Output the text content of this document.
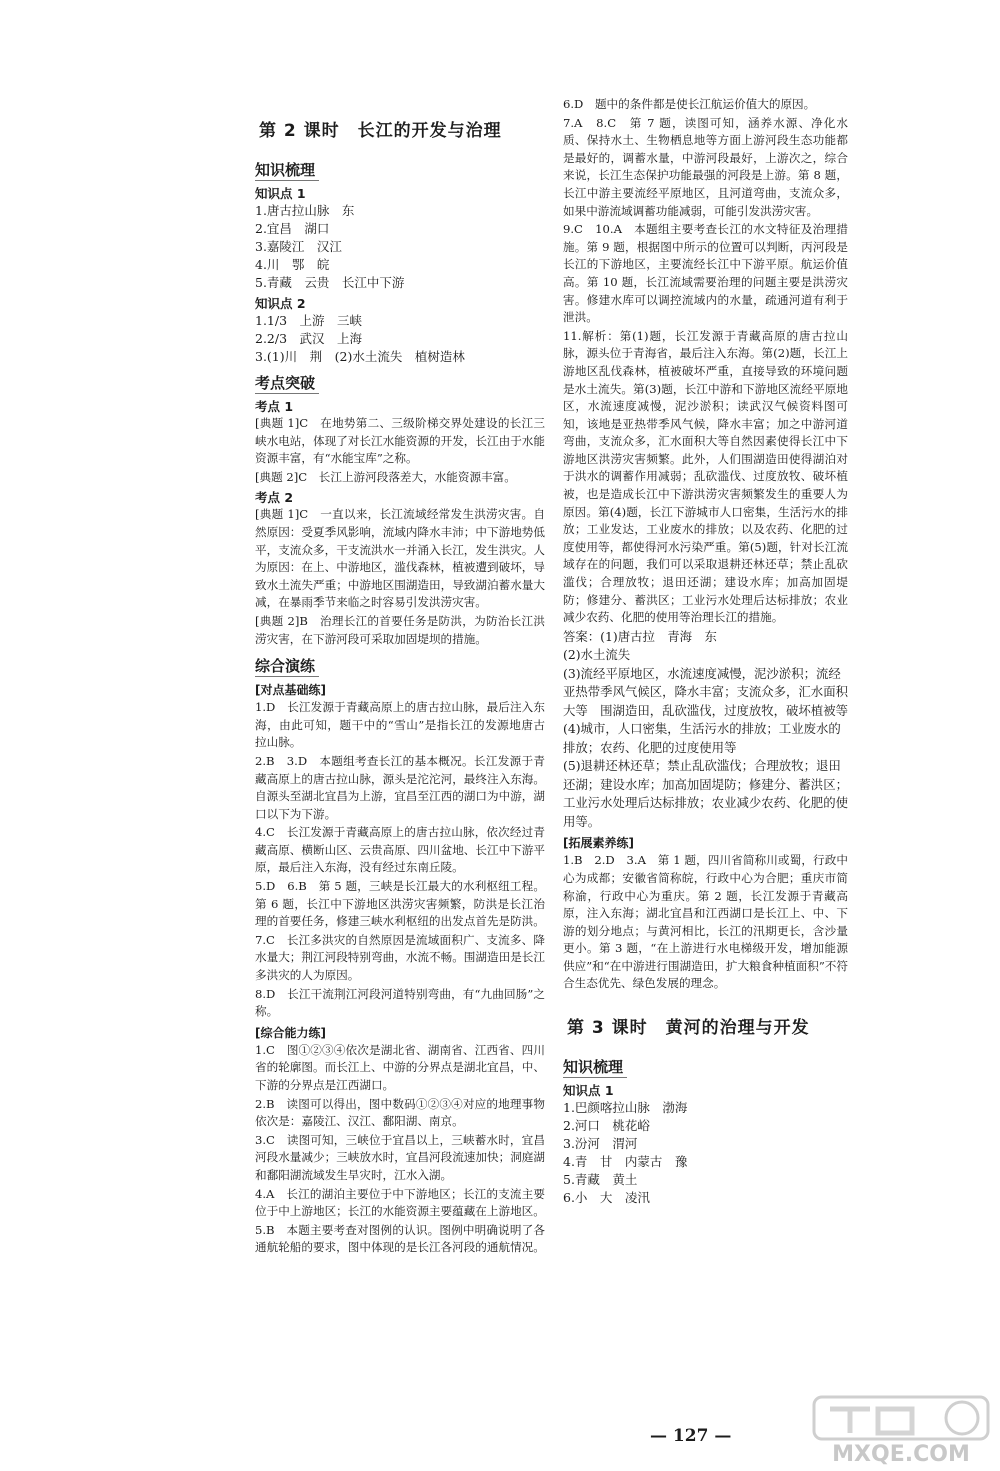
第 2 课时　长江的开发与治理
知识梳理
知识点 1

1.唐古拉山脉　东

2.宜昌　湖口

3.嘉陵江　汉江

4.川　鄂　皖

5.青藏　云贵　长江中下游

知识点 2

1.1/3　上游　三峡

2.2/3　武汉　上海

3.(1)川　荆　(2)水土流失　植树造林

考点突破
考点 1

[典题 1]C　在地势第二、三级阶梯交界处建设的长江三峡水电站，体现了对长江水能资源的开发，长江由于水能资源丰富，有“水能宝库”之称。

[典题 2]C　长江上游河段落差大，水能资源丰富。

考点 2

[典题 1]C　一直以来，长江流域经常发生洪涝灾害。自然原因：受夏季风影响，流域内降水丰沛；中下游地势低平，支流众多，干支流洪水一并涌入长江，发生洪灾。人为原因：在上、中游地区，滥伐森林，植被遭到破坏，导致水土流失严重；中游地区围湖造田，导致湖泊蓄水量大减，在暴雨季节来临之时容易引发洪涝灾害。

[典题 2]B　治理长江的首要任务是防洪，为防治长江洪涝灾害，在下游河段可采取加固堤坝的措施。

综合演练
[对点基础练]

1.D　长江发源于青藏高原上的唐古拉山脉，最后注入东海，由此可知，题干中的“雪山”是指长江的发源地唐古拉山脉。

2.B　3.D　本题组考查长江的基本概况。长江发源于青藏高原上的唐古拉山脉，源头是沱沱河，最终注入东海。自源头至湖北宜昌为上游，宜昌至江西的湖口为中游，湖口以下为下游。

4.C　长江发源于青藏高原上的唐古拉山脉，依次经过青藏高原、横断山区、云贵高原、四川盆地、长江中下游平原，最后注入东海，没有经过东南丘陵。

5.D　6.B　第 5 题，三峡是长江最大的水利枢纽工程。第 6 题，长江中下游地区洪涝灾害频繁，防洪是长江治理的首要任务，修建三峡水利枢纽的出发点首先是防洪。

7.C　长江多洪灾的自然原因是流域面积广、支流多、降水量大；荆江河段特别弯曲，水流不畅。围湖造田是长江多洪灾的人为原因。

8.D　长江干流荆江河段河道特别弯曲，有“九曲回肠”之称。

[综合能力练]

1.C　图①②③④依次是湖北省、湖南省、江西省、四川省的轮廓图。而长江上、中游的分界点是湖北宜昌，中、下游的分界点是江西湖口。

2.B　读图可以得出，图中数码①②③④对应的地理事物依次是：嘉陵江、汉江、鄱阳湖、南京。

3.C　读图可知，三峡位于宜昌以上，三峡蓄水时，宜昌河段水量减少；三峡放水时，宜昌河段流速加快；洞庭湖和鄱阳湖流域发生旱灾时，江水入湖。

4.A　长江的湖泊主要位于中下游地区；长江的支流主要位于中上游地区；长江的水能资源主要蕴藏在上游地区。

5.B　本题主要考查对图例的认识。图例中明确说明了各通航轮船的要求，图中体现的是长江各河段的通航情况。

6.D　题中的条件都是使长江航运价值大的原因。

7.A　8.C　第 7 题，读图可知，涵养水源、净化水质、保持水土、生物栖息地等方面上游河段生态功能都是最好的，调蓄水量，中游河段最好，上游次之，综合来说，长江生态保护功能最强的河段是上游。第 8 题，长江中游主要流经平原地区，且河道弯曲，支流众多，如果中游流域调蓄功能减弱，可能引发洪涝灾害。

9.C　10.A　本题组主要考查长江的水文特征及治理措施。第 9 题，根据图中所示的位置可以判断，丙河段是长江的下游地区，主要流经长江中下游平原。航运价值高。第 10 题，长江流域需要治理的问题主要是洪涝灾害。修建水库可以调控流域内的水量，疏通河道有利于泄洪。

11.解析：第(1)题，长江发源于青藏高原的唐古拉山脉，源头位于青海省，最后注入东海。第(2)题，长江上游地区乱伐森林，植被破坏严重，直接导致的环境问题是水土流失。第(3)题，长江中游和下游地区流经平原地区，水流速度减慢，泥沙淤积；读武汉气候资料图可知，该地是亚热带季风气候，降水丰富；加之中游河道弯曲，支流众多，汇水面积大等自然因素使得长江中下游地区洪涝灾害频繁。此外，人们围湖造田使得湖泊对于洪水的调蓄作用减弱；乱砍滥伐、过度放牧、破坏植被，也是造成长江中下游洪涝灾害频繁发生的重要人为原因。第(4)题，长江下游城市人口密集，生活污水的排放；工业发达，工业废水的排放；以及农药、化肥的过度使用等，都使得河水污染严重。第(5)题，针对长江流域存在的问题，我们可以采取退耕还林还草；禁止乱砍滥伐；合理放牧；退田还湖；建设水库；加高加固堤防；修建分、蓄洪区；工业污水处理后达标排放；农业减少农药、化肥的使用等治理长江的措施。

答案：(1)唐古拉　青海　东

(2)水土流失

(3)流经平原地区，水流速度减慢，泥沙淤积；流经亚热带季风气候区，降水丰富；支流众多，汇水面积大等　围湖造田，乱砍滥伐，过度放牧，破坏植被等

(4)城市，人口密集，生活污水的排放；工业废水的排放；农药、化肥的过度使用等

(5)退耕还林还草；禁止乱砍滥伐；合理放牧；退田还湖；建设水库；加高加固堤防；修建分、蓄洪区；工业污水处理后达标排放；农业减少农药、化肥的使用等。

[拓展素养练]

1.B　2.D　3.A　第 1 题，四川省简称川或蜀，行政中心为成都；安徽省简称皖，行政中心为合肥；重庆市简称渝，行政中心为重庆。第 2 题，长江发源于青藏高原，注入东海；湖北宜昌和江西湖口是长江上、中、下游的划分地点；与黄河相比，长江的汛期更长，含沙量更小。第 3 题，“在上游进行水电梯级开发，增加能源供应”和“在中游进行围湖造田，扩大粮食种植面积”不符合生态优先、绿色发展的理念。

第 3 课时　黄河的治理与开发
知识梳理
知识点 1

1.巴颜喀拉山脉　渤海

2.河口　桃花峪

3.汾河　渭河

4.青　甘　内蒙古　豫

5.青藏　黄土

6.小　大　凌汛

— 127 —
MXQE.COM
